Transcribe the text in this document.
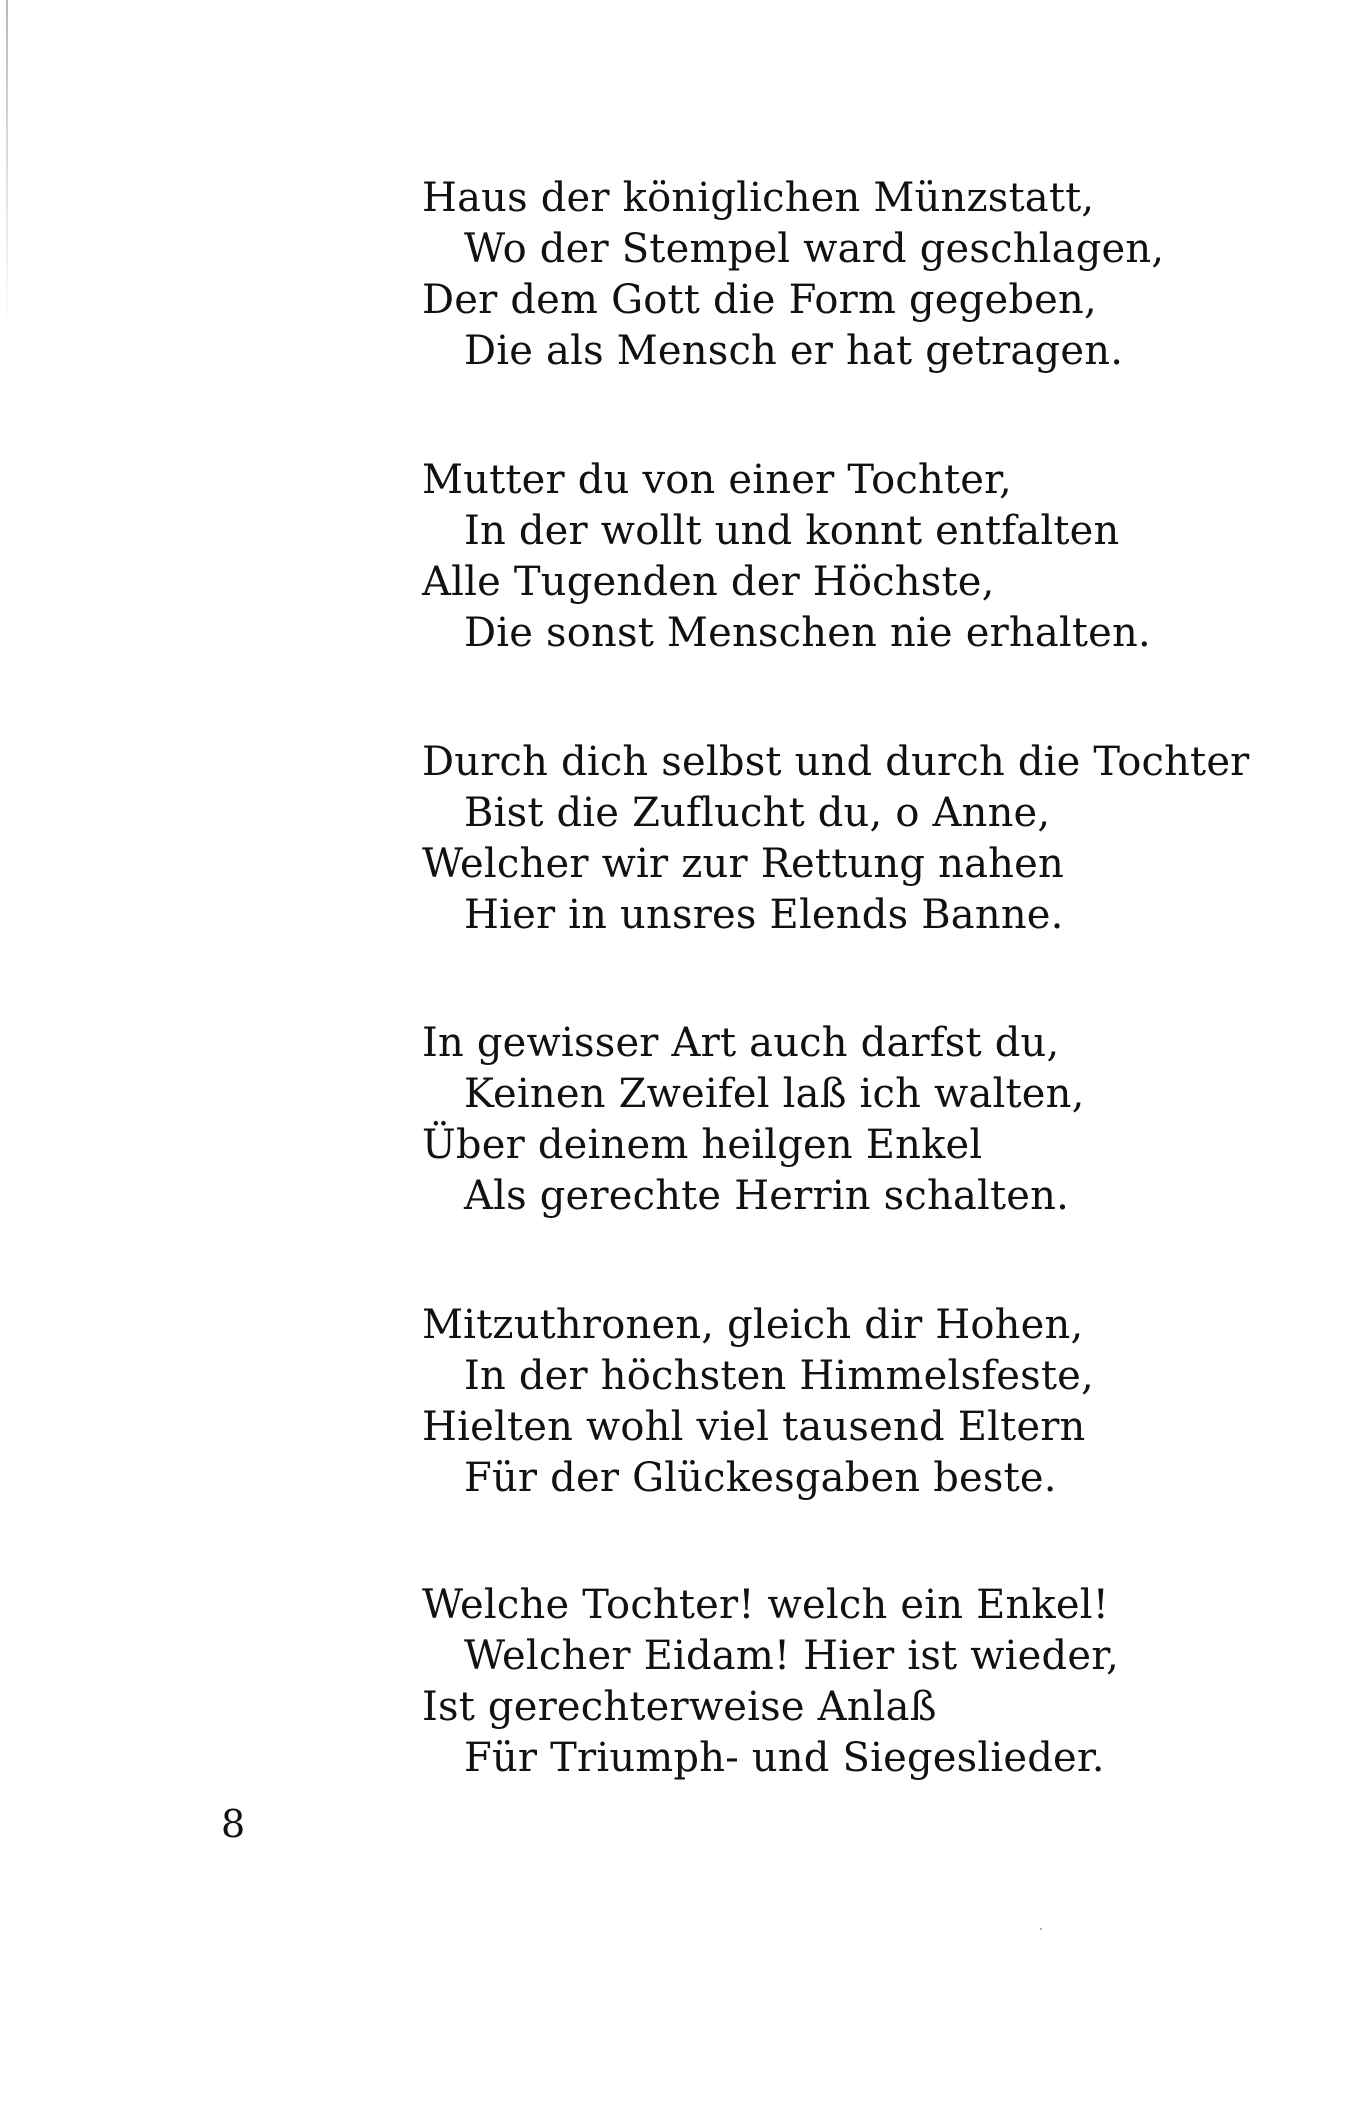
Haus der königlichen Münzstatt,
Wo der Stempel ward geschlagen,
Der dem Gott die Form gegeben,
Die als Mensch er hat getragen.
Mutter du von einer Tochter,
In der wollt und konnt entfalten
Alle Tugenden der Höchste,
Die sonst Menschen nie erhalten.
Durch dich selbst und durch die Tochter
Bist die Zuflucht du, o Anne,
Welcher wir zur Rettung nahen
Hier in unsres Elends Banne.
In gewisser Art auch darfst du,
Keinen Zweifel laß ich walten,
Über deinem heilgen Enkel
Als gerechte Herrin schalten.
Mitzuthronen, gleich dir Hohen,
In der höchsten Himmelsfeste,
Hielten wohl viel tausend Eltern
Für der Glückesgaben beste.
Welche Tochter! welch ein Enkel!
Welcher Eidam! Hier ist wieder,
Ist gerechterweise Anlaß
Für Triumph- und Siegeslieder.
8
